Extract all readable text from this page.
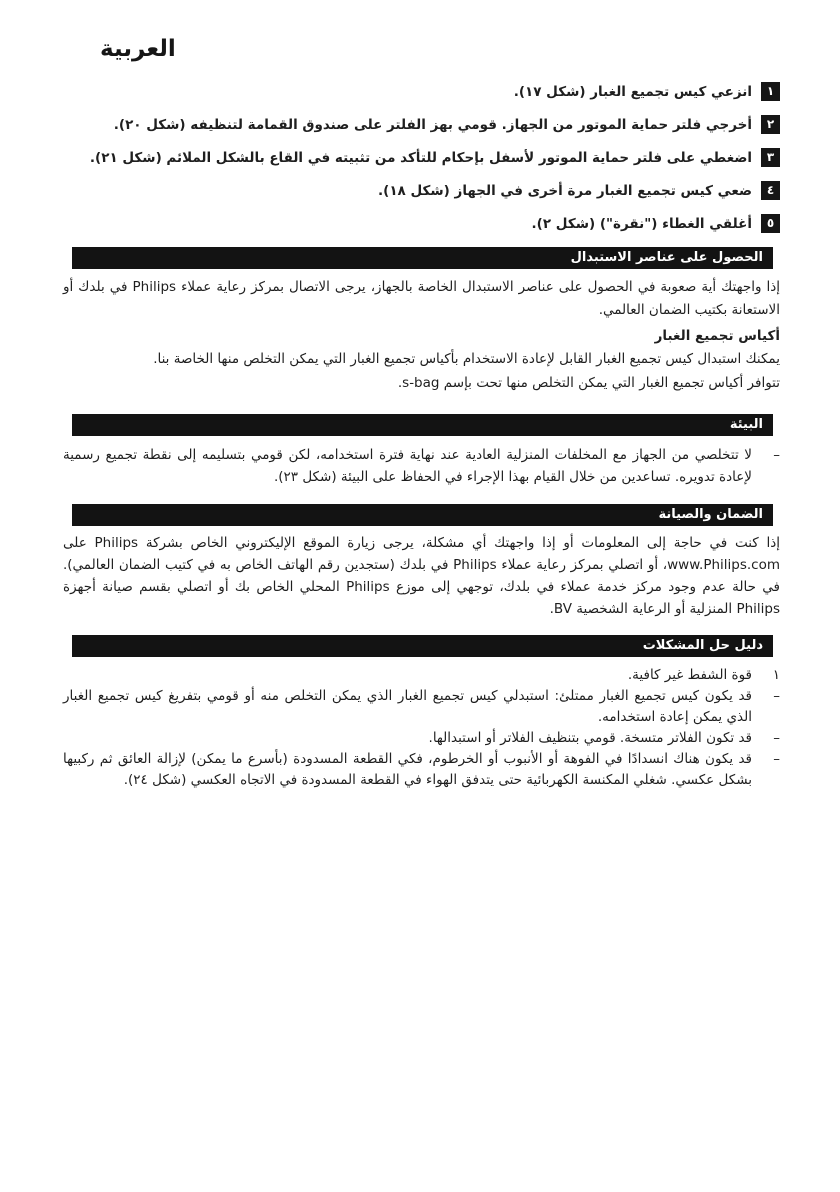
العربية
١
انزعي كيس تجميع الغبار (شكل ١٧).
٢
أخرجي فلتر حماية الموتور من الجهاز. قومي بهز الفلتر على صندوق القمامة لتنظيفه (شكل ٢٠).
٣
اضغطي على فلتر حماية الموتور لأسفل بإحكام للتأكد من تثبيته في القاع بالشكل الملائم (شكل ٢١).
٤
ضعي كيس تجميع الغبار مرة أخرى في الجهاز (شكل ١٨).
٥
أغلقي الغطاء ("نقرة") (شكل ٢).
الحصول على عناصر الاستبدال

إذا واجهتك أية صعوبة في الحصول على عناصر الاستبدال الخاصة بالجهاز، يرجى الاتصال بمركز رعاية عملاء Philips في بلدك أو الاستعانة بكتيب الضمان العالمي.

أكياس تجميع الغبار

يمكنك استبدال كيس تجميع الغبار القابل لإعادة الاستخدام بأكياس تجميع الغبار التي يمكن التخلص منها الخاصة بنا.

تتوافر أكياس تجميع الغبار التي يمكن التخلص منها تحت بإسم s-bag.

البيئة
–
لا تتخلصي من الجهاز مع المخلفات المنزلية العادية عند نهاية فترة استخدامه، لكن قومي بتسليمه إلى نقطة تجميع رسمية لإعادة تدويره. تساعدين من خلال القيام بهذا الإجراء في الحفاظ على البيئة (شكل ٢٣).
الضمان والصيانة

إذا كنت في حاجة إلى المعلومات أو إذا واجهتك أي مشكلة، يرجى زيارة الموقع الإليكتروني الخاص بشركة Philips على www.Philips.com، أو اتصلي بمركز رعاية عملاء Philips في بلدك (ستجدين رقم الهاتف الخاص به في كتيب الضمان العالمي). في حالة عدم وجود مركز خدمة عملاء في بلدك، توجهي إلى موزع Philips المحلي الخاص بك أو اتصلي بقسم صيانة أجهزة Philips المنزلية أو الرعاية الشخصية BV.

دليل حل المشكلات
١
قوة الشفط غير كافية.
–
قد يكون كيس تجميع الغبار ممتلئ: استبدلي كيس تجميع الغبار الذي يمكن التخلص منه أو قومي بتفريغ كيس تجميع الغبار الذي يمكن إعادة استخدامه.
–
قد تكون الفلاتر متسخة. قومي بتنظيف الفلاتر أو استبدالها.
–
قد يكون هناك انسدادًا في الفوهة أو الأنبوب أو الخرطوم، فكي القطعة المسدودة (بأسرع ما يمكن) لإزالة العائق ثم ركبيها بشكل عكسي. شغلي المكنسة الكهربائية حتى يتدفق الهواء في القطعة المسدودة في الاتجاه العكسي (شكل ٢٤).
